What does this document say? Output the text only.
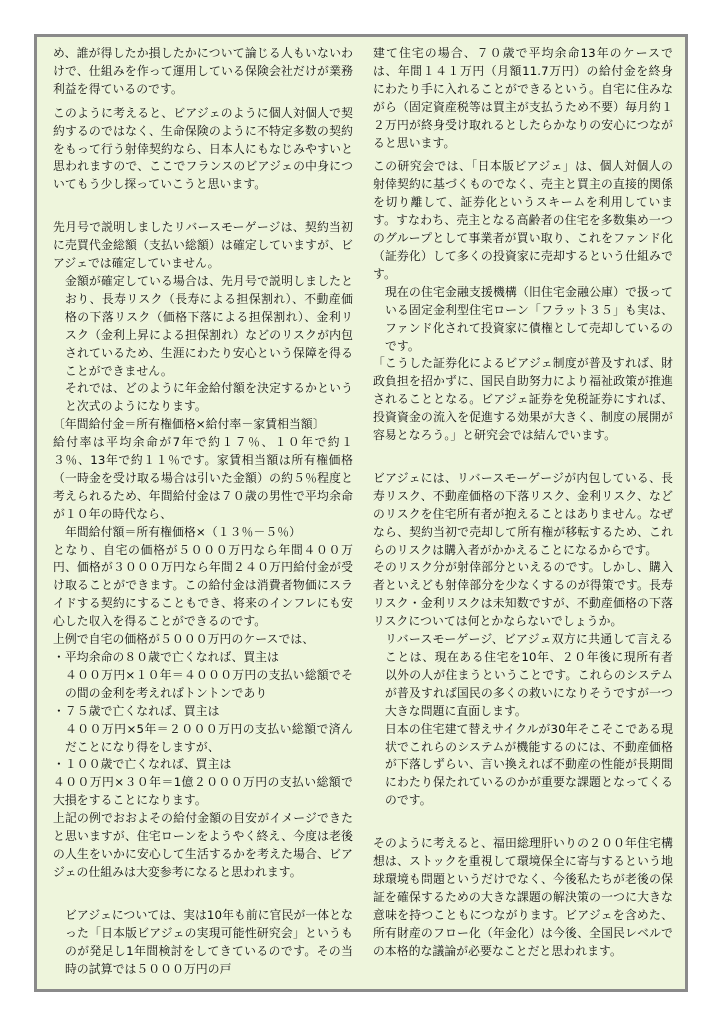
め、誰が得したか損したかについて論じる人もいないわけで、仕組みを作って運用している保険会社だけが業務利益を得ているのです。

このように考えると、ビアジェのように個人対個人で契約するのではなく、生命保険のように不特定多数の契約をもって行う射倖契約なら、日本人にもなじみやすいと思われますので、ここでフランスのビアジェの中身についてもう少し探っていこうと思います。

先月号で説明しましたリバースモーゲージは、契約当初に売買代金総額（支払い総額）は確定していますが、ビアジェでは確定していません。

金額が確定している場合は、先月号で説明しましたとおり、長寿リスク（長寿による担保割れ）、不動産価格の下落リスク（価格下落による担保割れ）、金利リスク（金利上昇による担保割れ）などのリスクが内包されているため、生涯にわたり安心という保障を得ることができません。

それでは、どのように年金給付額を決定するかというと次式のようになります。

〔年間給付金＝所有権価格×給付率－家賃相当額〕

給付率は平均余命が7年で約１７％、１０年で約１３％、13年で約１１％です。家賃相当額は所有権価格（一時金を受け取る場合は引いた金額）の約５％程度と考えられるため、年間給付金は７０歳の男性で平均余命が１０年の時代なら、

年間給付額＝所有権価格×（１３％－５％）

となり、自宅の価格が５０００万円なら年間４００万円、価格が３０００万円なら年間２４０万円給付金が受け取ることができます。この給付金は消費者物価にスライドする契約にすることもでき、将来のインフレにも安心した収入を得ることができるのです。

上例で自宅の価格が５０００万円のケースでは、

・平均余命の８０歳で亡くなれば、買主は

４００万円×１０年＝４０００万円の支払い総額でその間の金利を考えればトントンであり

・７５歳で亡くなれば、買主は

４００万円×5年＝２０００万円の支払い総額で済んだことになり得をしますが、

・１００歳で亡くなれば、買主は

４００万円×３０年＝1億２０００万円の支払い総額で大損をすることになります。

上記の例でおおよその給付金額の目安がイメージできたと思いますが、住宅ローンをようやく終え、今度は老後の人生をいかに安心して生活するかを考えた場合、ビアジェの仕組みは大変参考になると思われます。

ビアジェについては、実は10年も前に官民が一体となった「日本版ビアジェの実現可能性研究会」というものが発足し1年間検討をしてきているのです。その当時の試算では５０００万円の戸

建て住宅の場合、７０歳で平均余命13年のケースでは、年間１４１万円（月額11.7万円）の給付金を終身にわたり手に入れることができるという。自宅に住みながら（固定資産税等は買主が支払うため不要）毎月約１２万円が終身受け取れるとしたらかなりの安心につながると思います。

この研究会では、「日本版ビアジェ」は、個人対個人の射倖契約に基づくものでなく、売主と買主の直接的関係を切り離して、証券化というスキームを利用しています。すなわち、売主となる高齢者の住宅を多数集め一つのグループとして事業者が買い取り、これをファンド化（証券化）して多くの投資家に売却するという仕組みです。

現在の住宅金融支援機構（旧住宅金融公庫）で扱っている固定金利型住宅ローン「フラット３５」も実は、ファンド化されて投資家に債権として売却しているのです。

「こうした証券化によるビアジェ制度が普及すれば、財政負担を招かずに、国民自助努力により福祉政策が推進されることとなる。ビアジェ証券を免税証券にすれば、投資資金の流入を促進する効果が大きく、制度の展開が容易となろう。」と研究会では結んでいます。

ビアジェには、リバースモーゲージが内包している、長寿リスク、不動産価格の下落リスク、金利リスク、などのリスクを住宅所有者が抱えることはありません。なぜなら、契約当初で売却して所有権が移転するため、これらのリスクは購入者がかかえることになるからです。

そのリスク分が射倖部分といえるのです。しかし、購入者といえども射倖部分を少なくするのが得策です。長寿リスク・金利リスクは未知数ですが、不動産価格の下落リスクについては何とかならないでしょうか。

リバースモーゲージ、ビアジェ双方に共通して言えることは、現在ある住宅を10年、２０年後に現所有者以外の人が住まうということです。これらのシステムが普及すれば国民の多くの救いになりそうですが一つ大きな問題に直面します。

日本の住宅建て替えサイクルが30年そこそこである現状でこれらのシステムが機能するのには、不動産価格が下落しずらい、言い換えれば不動産の性能が長期間にわたり保たれているのかが重要な課題となってくるのです。

そのように考えると、福田総理肝いりの２００年住宅構想は、ストックを重視して環境保全に寄与するという地球環境も問題というだけでなく、今後私たちが老後の保証を確保するための大きな課題の解決策の一つに大きな意味を持つこともにつながります。ビアジェを含めた、所有財産のフロー化（年金化）は今後、全国民レベルでの本格的な議論が必要なことだと思われます。
